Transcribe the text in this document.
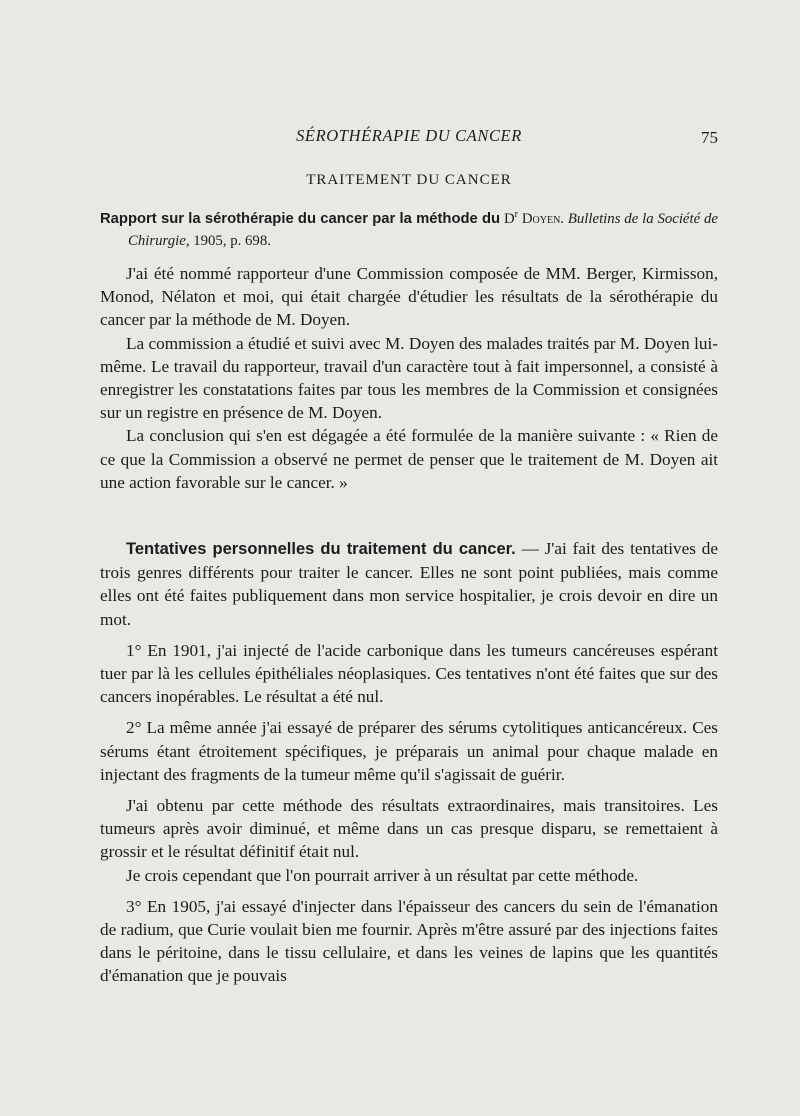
SÉROTHÉRAPIE DU CANCER	75
TRAITEMENT DU CANCER

Rapport sur la sérothérapie du cancer par la méthode du $D^r$ Doyen. Bulletins de la Société de Chirurgie, 1905, p. 698.

J'ai été nommé rapporteur d'une Commission composée de MM. Berger, Kirmisson, Monod, Nélaton et moi, qui était chargée d'étudier les résultats de la sérothérapie du cancer par la méthode de M. Doyen.

La commission a étudié et suivi avec M. Doyen des malades traités par M. Doyen lui-même. Le travail du rapporteur, travail d'un caractère tout à fait impersonnel, a consisté à enregistrer les constatations faites par tous les membres de la Commission et consignées sur un registre en présence de M. Doyen.

La conclusion qui s'en est dégagée a été formulée de la manière suivante : « Rien de ce que la Commission a observé ne permet de penser que le traitement de M. Doyen ait une action favorable sur le cancer. »

Tentatives personnelles du traitement du cancer. — J'ai fait des tentatives de trois genres différents pour traiter le cancer. Elles ne sont point publiées, mais comme elles ont été faites publiquement dans mon service hospitalier, je crois devoir en dire un mot.

1° En 1901, j'ai injecté de l'acide carbonique dans les tumeurs cancéreuses espérant tuer par là les cellules épithéliales néoplasiques. Ces tentatives n'ont été faites que sur des cancers inopérables. Le résultat a été nul.

2° La même année j'ai essayé de préparer des sérums cytolitiques anticancéreux. Ces sérums étant étroitement spécifiques, je préparais un animal pour chaque malade en injectant des fragments de la tumeur même qu'il s'agissait de guérir.

J'ai obtenu par cette méthode des résultats extraordinaires, mais transitoires. Les tumeurs après avoir diminué, et même dans un cas presque disparu, se remettaient à grossir et le résultat définitif était nul.

Je crois cependant que l'on pourrait arriver à un résultat par cette méthode.

3° En 1905, j'ai essayé d'injecter dans l'épaisseur des cancers du sein de l'émanation de radium, que Curie voulait bien me fournir. Après m'être assuré par des injections faites dans le péritoine, dans le tissu cellulaire, et dans les veines de lapins que les quantités d'émanation que je pouvais
